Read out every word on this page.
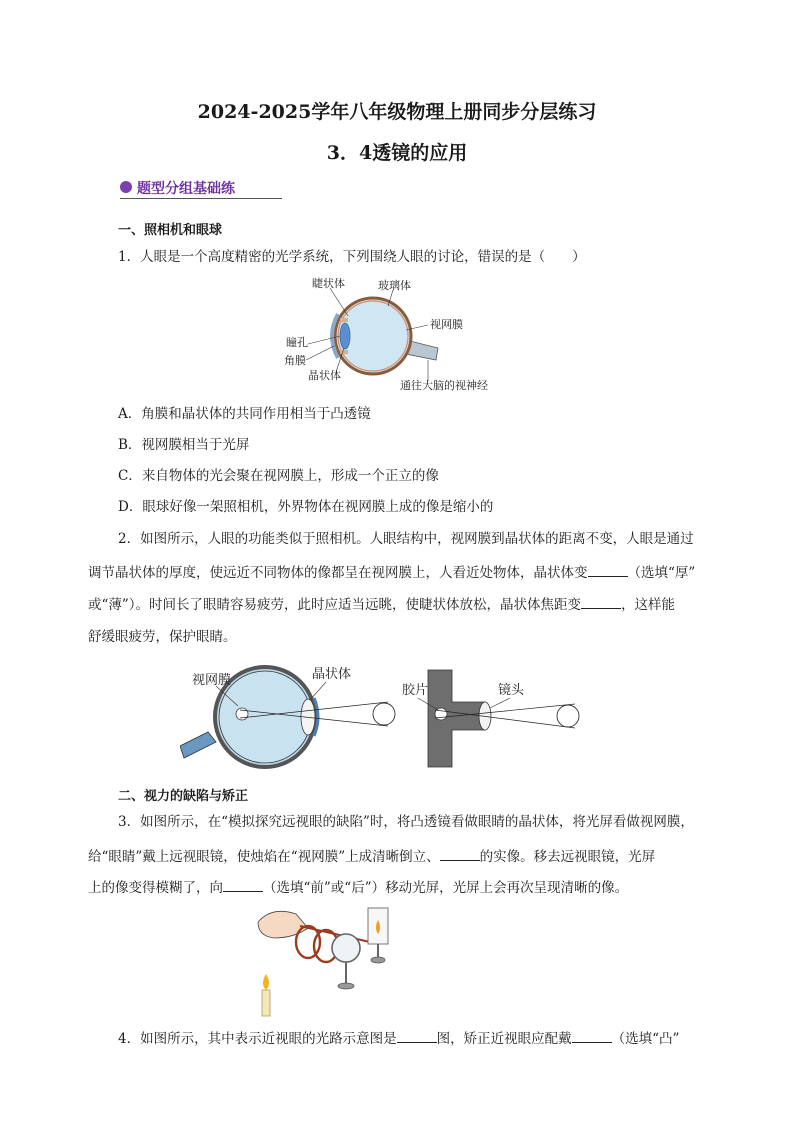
2024-2025学年八年级物理上册同步分层练习
3．4透镜的应用
题型分组基础练
一、照相机和眼球
1．人眼是一个高度精密的光学系统，下列围绕人眼的讨论，错误的是（　　）
睫状体	玻璃体
视网膜
瞳孔
角膜
晶状体
通往大脑的视神经
A．角膜和晶状体的共同作用相当于凸透镜
B．视网膜相当于光屏
C．来自物体的光会聚在视网膜上，形成一个正立的像
D．眼球好像一架照相机，外界物体在视网膜上成的像是缩小的
2．如图所示，人眼的功能类似于照相机。人眼结构中，视网膜到晶状体的距离不变，人眼是通过
调节晶状体的厚度，使远近不同物体的像都呈在视网膜上，人看近处物体，晶状体变	（选填“厚”
或“薄”）。时间长了眼睛容易疲劳，此时应适当远眺，使睫状体放松，晶状体焦距变	，这样能
舒缓眼疲劳，保护眼睛。
视网膜	晶状体
胶片	镜头
二、视力的缺陷与矫正
3．如图所示，在“模拟探究远视眼的缺陷”时，将凸透镜看做眼睛的晶状体，将光屏看做视网膜，
给“眼睛”戴上远视眼镜，使烛焰在“视网膜”上成清晰倒立、	的实像。移去远视眼镜，光屏
上的像变得模糊了，向	（选填“前”或“后”）移动光屏，光屏上会再次呈现清晰的像。
4．如图所示，其中表示近视眼的光路示意图是	图，矫正近视眼应配戴	（选填“凸”
